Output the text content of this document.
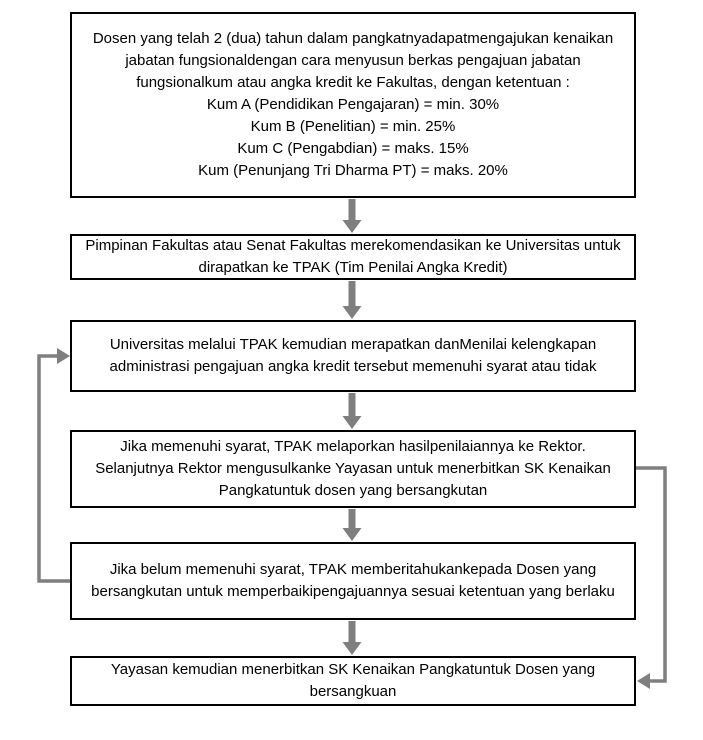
Dosen yang telah 2 (dua) tahun dalam pangkatnyadapatmengajukan kenaikan jabatan fungsionaldengan cara menyusun berkas pengajuan jabatan fungsionalkum atau angka kredit ke Fakultas, dengan ketentuan :
Kum A (Pendidikan Pengajaran) = min. 30%
Kum B (Penelitian) = min. 25%
Kum C (Pengabdian) = maks. 15%
Kum (Penunjang Tri Dharma PT) = maks. 20%
Pimpinan Fakultas atau Senat Fakultas merekomendasikan ke Universitas untuk dirapatkan ke TPAK (Tim Penilai Angka Kredit)
Universitas melalui TPAK kemudian merapatkan danMenilai kelengkapan administrasi pengajuan angka kredit tersebut memenuhi syarat atau tidak
Jika memenuhi syarat, TPAK melaporkan hasilpenilaiannya ke Rektor. Selanjutnya Rektor mengusulkanke Yayasan untuk menerbitkan SK Kenaikan Pangkatuntuk dosen yang bersangkutan
Jika belum memenuhi syarat, TPAK memberitahukankepada Dosen yang bersangkutan untuk memperbaikipengajuannya sesuai ketentuan yang berlaku
Yayasan kemudian menerbitkan SK Kenaikan Pangkatuntuk Dosen yang bersangkuan
